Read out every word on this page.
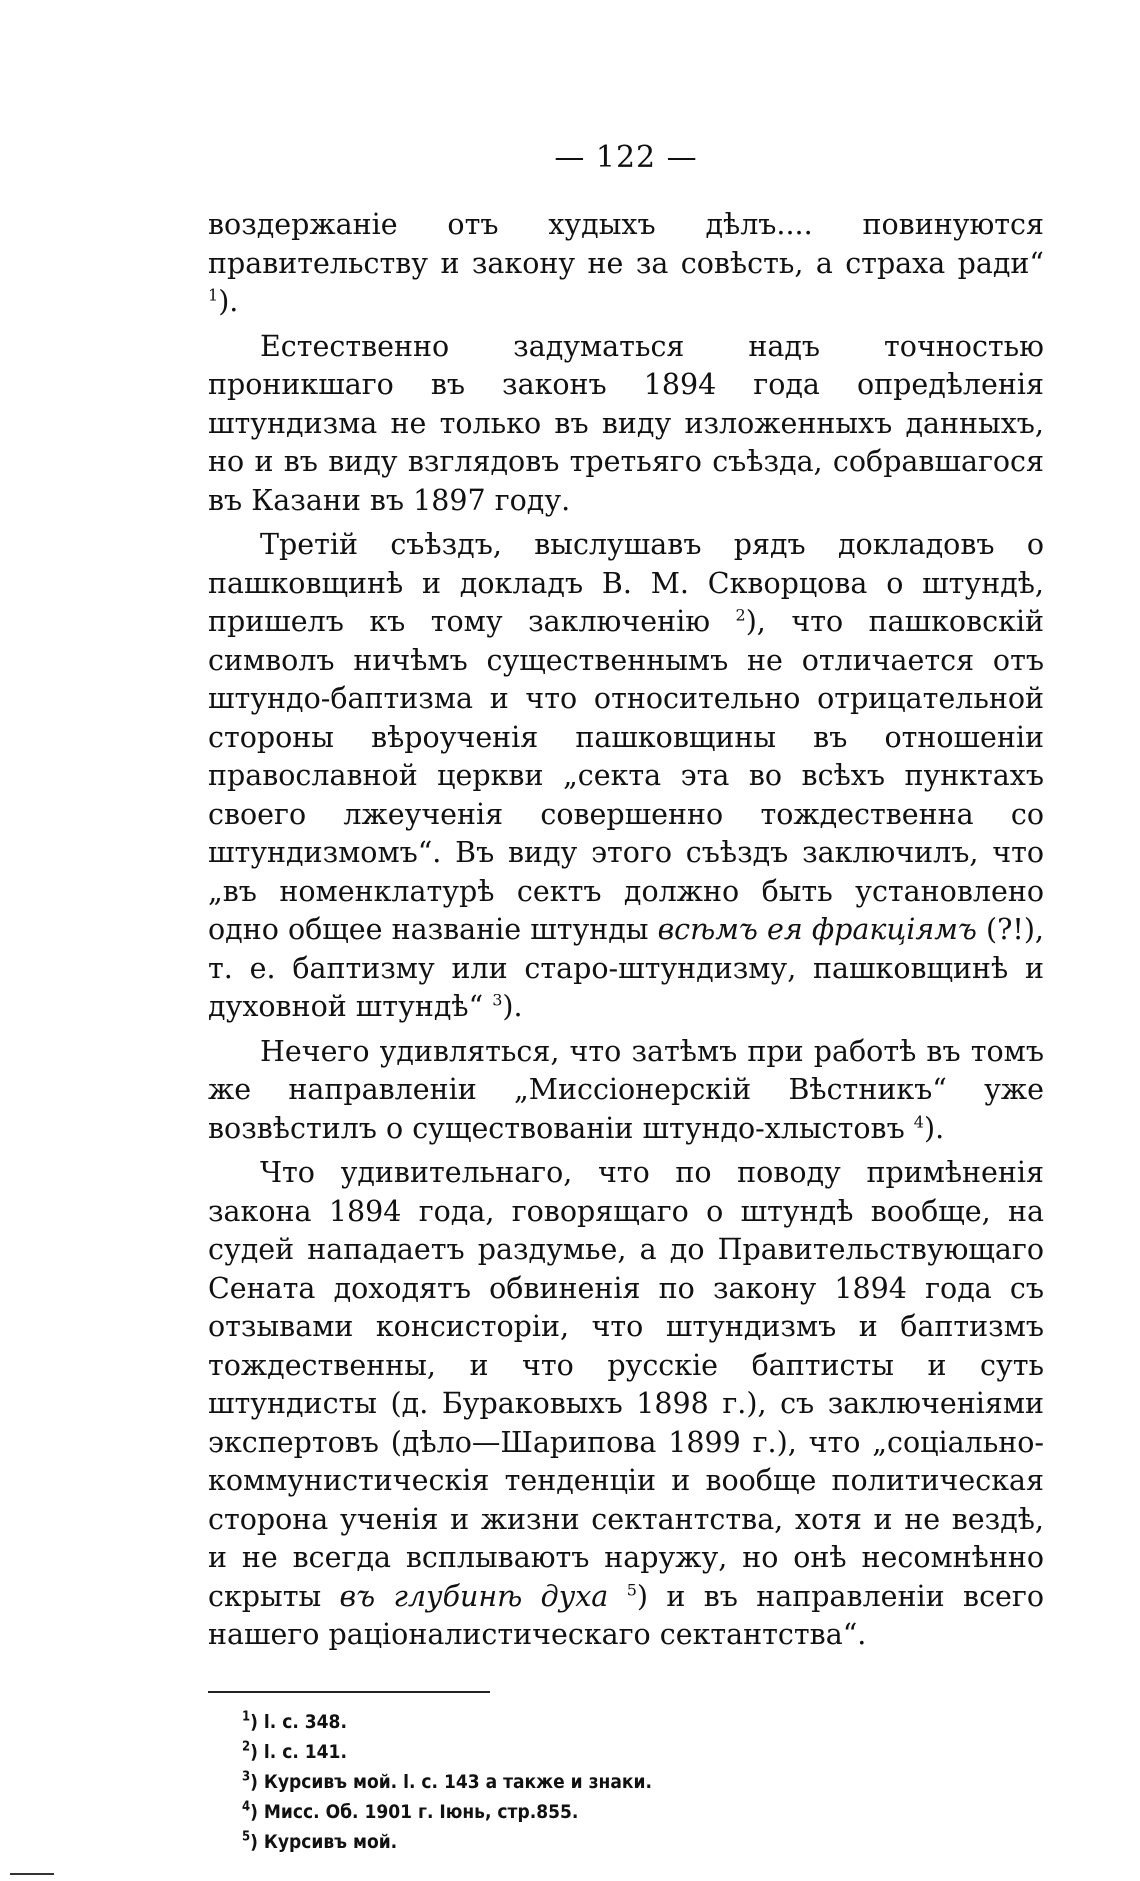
— 122 —

воздержаніе отъ худыхъ дѣлъ.... повинуются правительству и закону не за совѣсть, а страха ради“ $^1$).

Естественно задуматься надъ точностью проникшаго въ законъ 1894 года опредѣленія штундизма не только въ виду изложенныхъ данныхъ, но и въ виду взглядовъ третьяго съѣзда, собравшагося въ Казани въ 1897 году.

Третій съѣздъ, выслушавъ рядъ докладовъ о пашковщинѣ и докладъ В. М. Скворцова о штундѣ, пришелъ къ тому заключенію $^2$), что пашковскій символъ ничѣмъ существеннымъ не отличается отъ штундо-баптизма и что относительно отрицательной стороны вѣроученія пашковщины въ отношеніи православной церкви „секта эта во всѣхъ пунктахъ своего лжеученія совершенно тождественна со штундизмомъ“. Въ виду этого съѣздъ заключилъ, что „въ номенклатурѣ сектъ должно быть установлено одно общее названіе штунды всѣмъ ея фракціямъ (?!), т. е. баптизму или старо-штундизму, пашковщинѣ и духовной штундѣ“ $^3$).

Нечего удивляться, что затѣмъ при работѣ въ томъ же направленіи „Миссіонерскій Вѣстникъ“ уже возвѣстилъ о существованіи штундо-хлыстовъ $^4$).

Что удивительнаго, что по поводу примѣненія закона 1894 года, говорящаго о штундѣ вообще, на судей нападаетъ раздумье, а до Правительствующаго Сената доходятъ обвиненія по закону 1894 года съ отзывами консисторіи, что штундизмъ и баптизмъ тождественны, и что русскіе баптисты и суть штундисты (д. Бураковыхъ 1898 г.), съ заключеніями экспертовъ (дѣло—Шарипова 1899 г.), что „соціально-коммунистическія тенденціи и вообще политическая сторона ученія и жизни сектантства, хотя и не вездѣ, и не всегда всплываютъ наружу, но онѣ несомнѣнно скрыты въ глубинѣ духа $^5$) и въ направленіи всего нашего раціоналистическаго сектантства“.

$^1$) l. c. 348.
$^2$) l. c. 141.
$^3$) Курсивъ мой. l. c. 143 а также и знаки.
$^4$) Мисс. Об. 1901 г. Іюнь, стр.855.
$^5$) Курсивъ мой.
